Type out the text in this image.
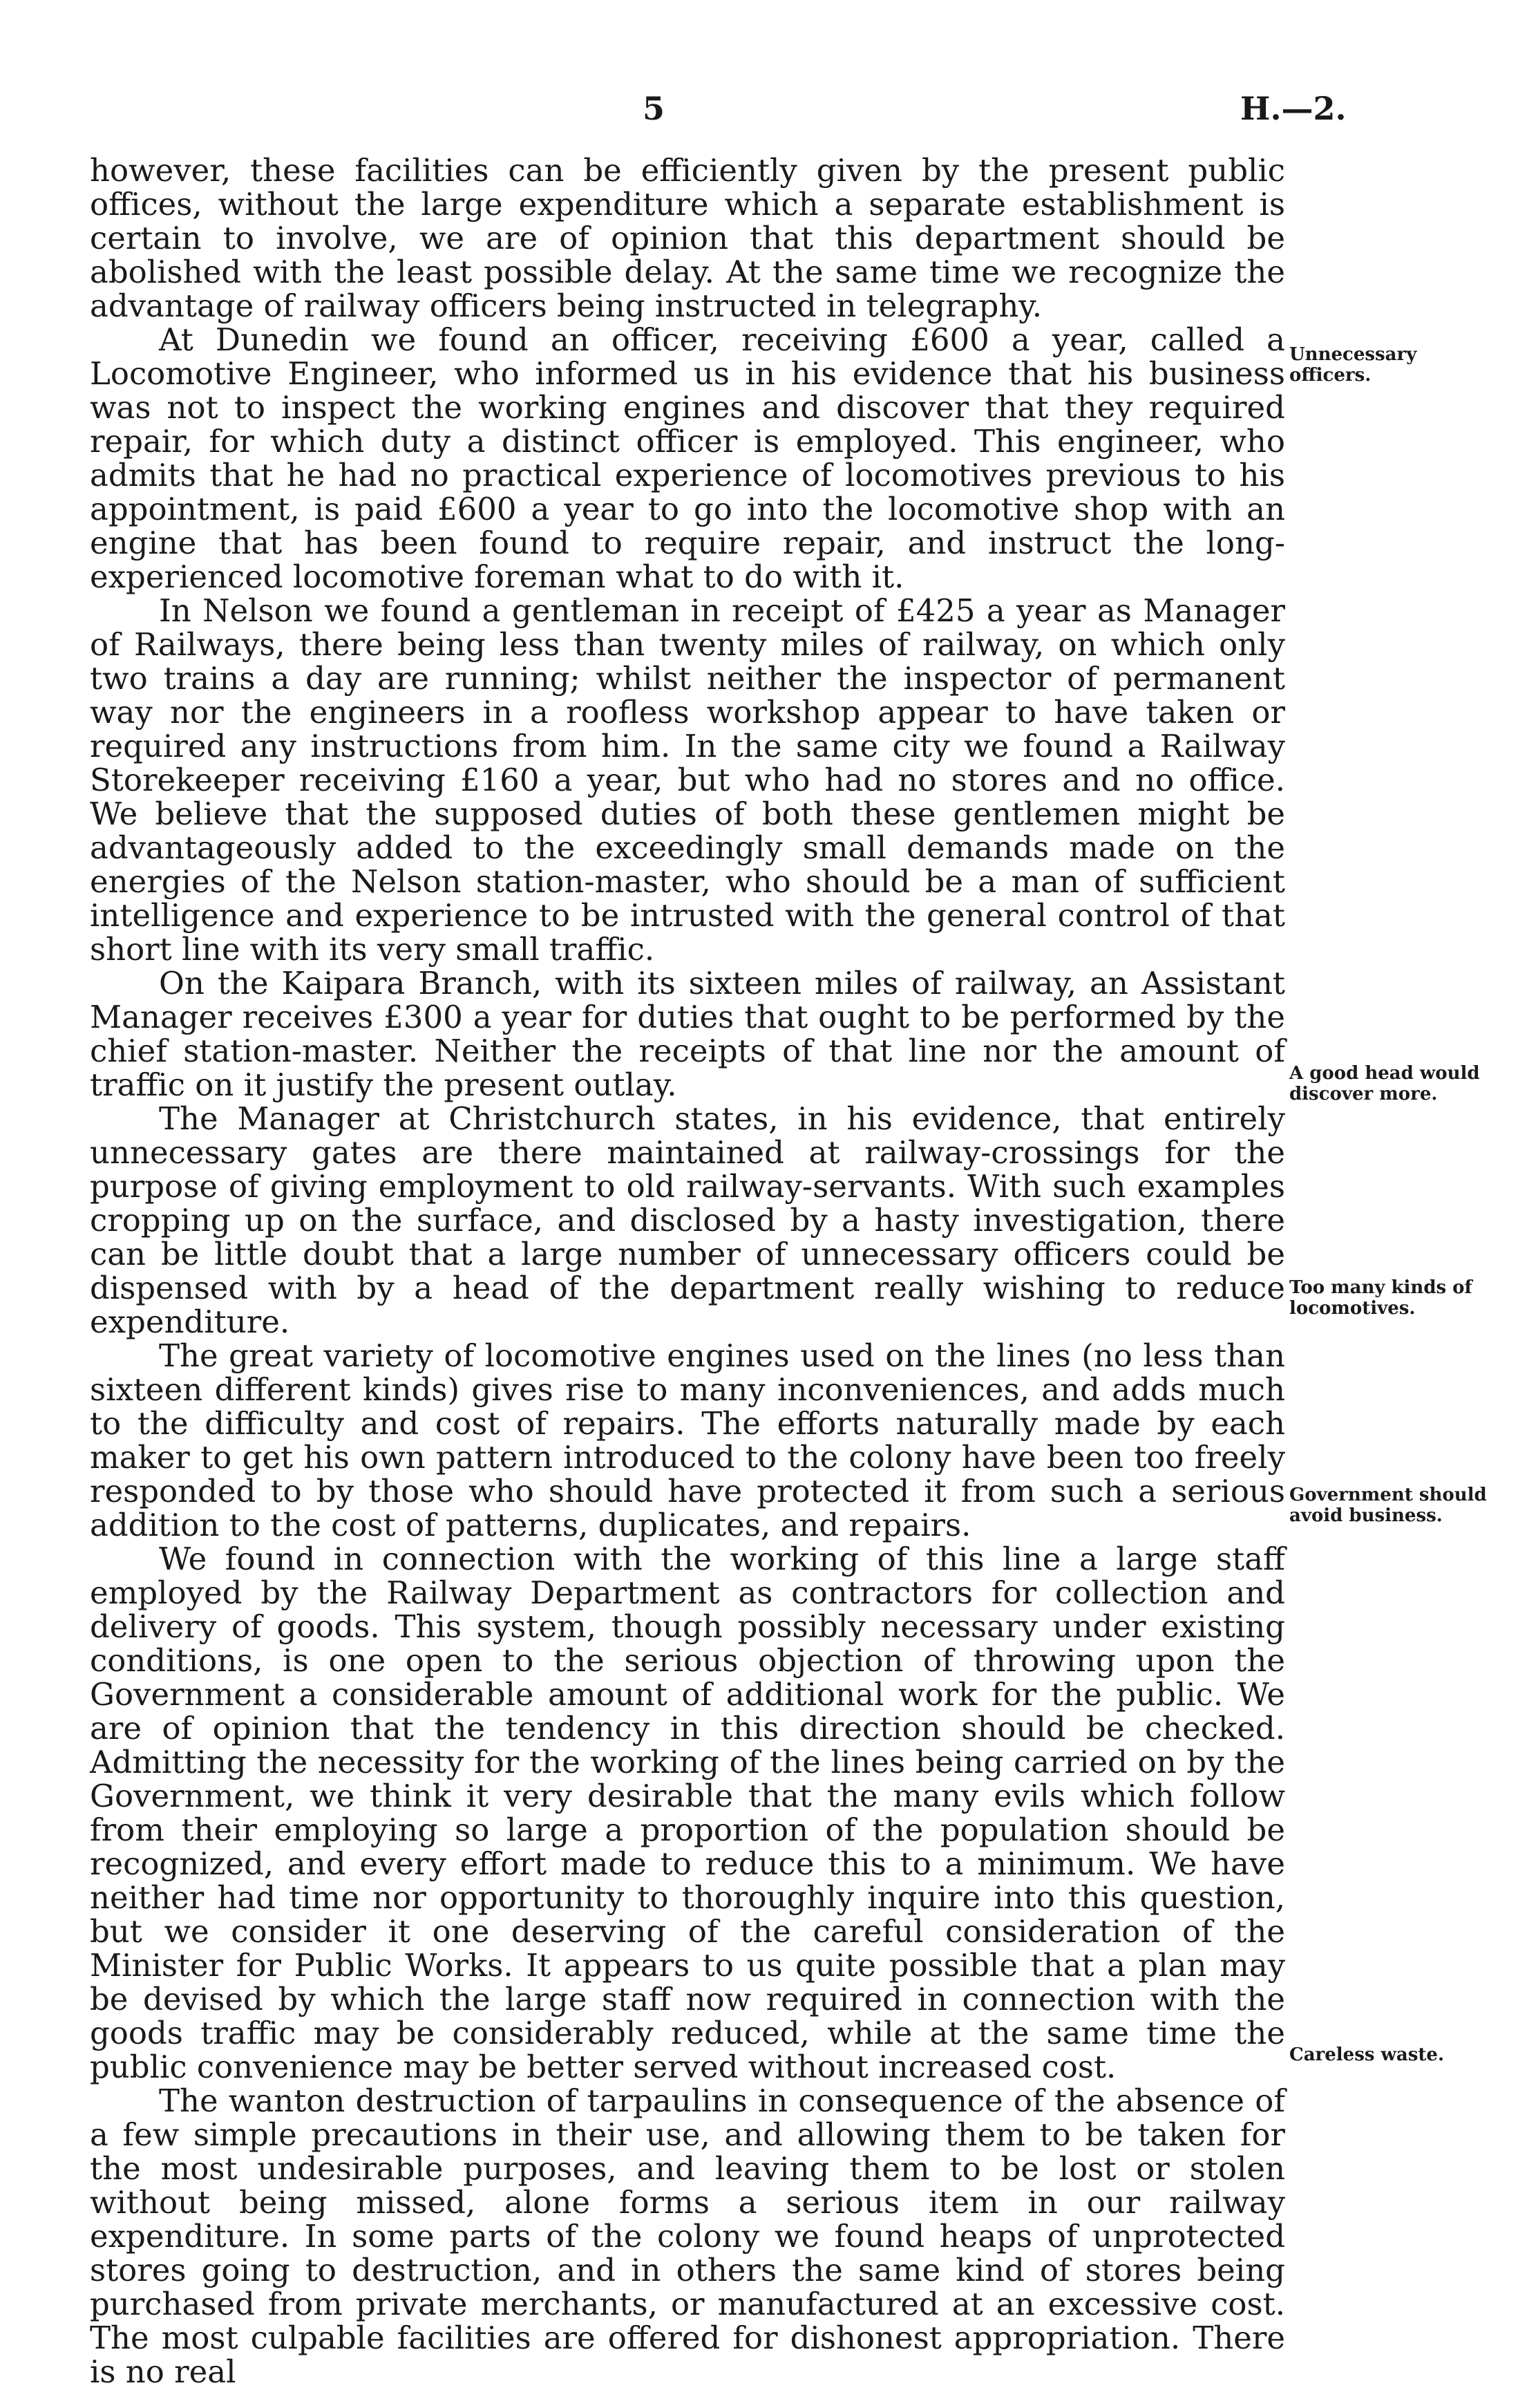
5	H.—2.

however, these facilities can be efficiently given by the present public offices, without the large expenditure which a separate establishment is certain to involve, we are of opinion that this department should be abolished with the least possible delay. At the same time we recognize the advantage of railway officers being instructed in telegraphy.

At Dunedin we found an officer, receiving £600 a year, called a Locomotive Engineer, who informed us in his evidence that his business was not to inspect the working engines and discover that they required repair, for which duty a distinct officer is employed. This engineer, who admits that he had no practical experience of locomotives previous to his appointment, is paid £600 a year to go into the locomotive shop with an engine that has been found to require repair, and instruct the long-experienced locomotive foreman what to do with it.

In Nelson we found a gentleman in receipt of £425 a year as Manager of Railways, there being less than twenty miles of railway, on which only two trains a day are running; whilst neither the inspector of permanent way nor the engineers in a roofless workshop appear to have taken or required any instructions from him. In the same city we found a Railway Storekeeper receiving £160 a year, but who had no stores and no office. We believe that the supposed duties of both these gentlemen might be advantageously added to the exceedingly small demands made on the energies of the Nelson station-master, who should be a man of sufficient intelligence and experience to be intrusted with the general control of that short line with its very small traffic.

On the Kaipara Branch, with its sixteen miles of railway, an Assistant Manager receives £300 a year for duties that ought to be performed by the chief station-master. Neither the receipts of that line nor the amount of traffic on it justify the present outlay.

The Manager at Christchurch states, in his evidence, that entirely unnecessary gates are there maintained at railway-crossings for the purpose of giving employment to old railway-servants. With such examples cropping up on the surface, and disclosed by a hasty investigation, there can be little doubt that a large number of unnecessary officers could be dispensed with by a head of the department really wishing to reduce expenditure.

The great variety of locomotive engines used on the lines (no less than sixteen different kinds) gives rise to many inconveniences, and adds much to the difficulty and cost of repairs. The efforts naturally made by each maker to get his own pattern introduced to the colony have been too freely responded to by those who should have protected it from such a serious addition to the cost of patterns, duplicates, and repairs.

We found in connection with the working of this line a large staff employed by the Railway Department as contractors for collection and delivery of goods. This system, though possibly necessary under existing conditions, is one open to the serious objection of throwing upon the Government a considerable amount of additional work for the public. We are of opinion that the tendency in this direction should be checked. Admitting the necessity for the working of the lines being carried on by the Government, we think it very desirable that the many evils which follow from their employing so large a proportion of the population should be recognized, and every effort made to reduce this to a minimum. We have neither had time nor opportunity to thoroughly inquire into this question, but we consider it one deserving of the careful consideration of the Minister for Public Works. It appears to us quite possible that a plan may be devised by which the large staff now required in connection with the goods traffic may be considerably reduced, while at the same time the public convenience may be better served without increased cost.

The wanton destruction of tarpaulins in consequence of the absence of a few simple precautions in their use, and allowing them to be taken for the most undesirable purposes, and leaving them to be lost or stolen without being missed, alone forms a serious item in our railway expenditure. In some parts of the colony we found heaps of unprotected stores going to destruction, and in others the same kind of stores being purchased from private merchants, or manufactured at an excessive cost. The most culpable facilities are offered for dishonest appropriation. There is no real

Unnecessary officers.
A good head would discover more.
Too many kinds of locomotives.
Government should avoid business.
Careless waste.
